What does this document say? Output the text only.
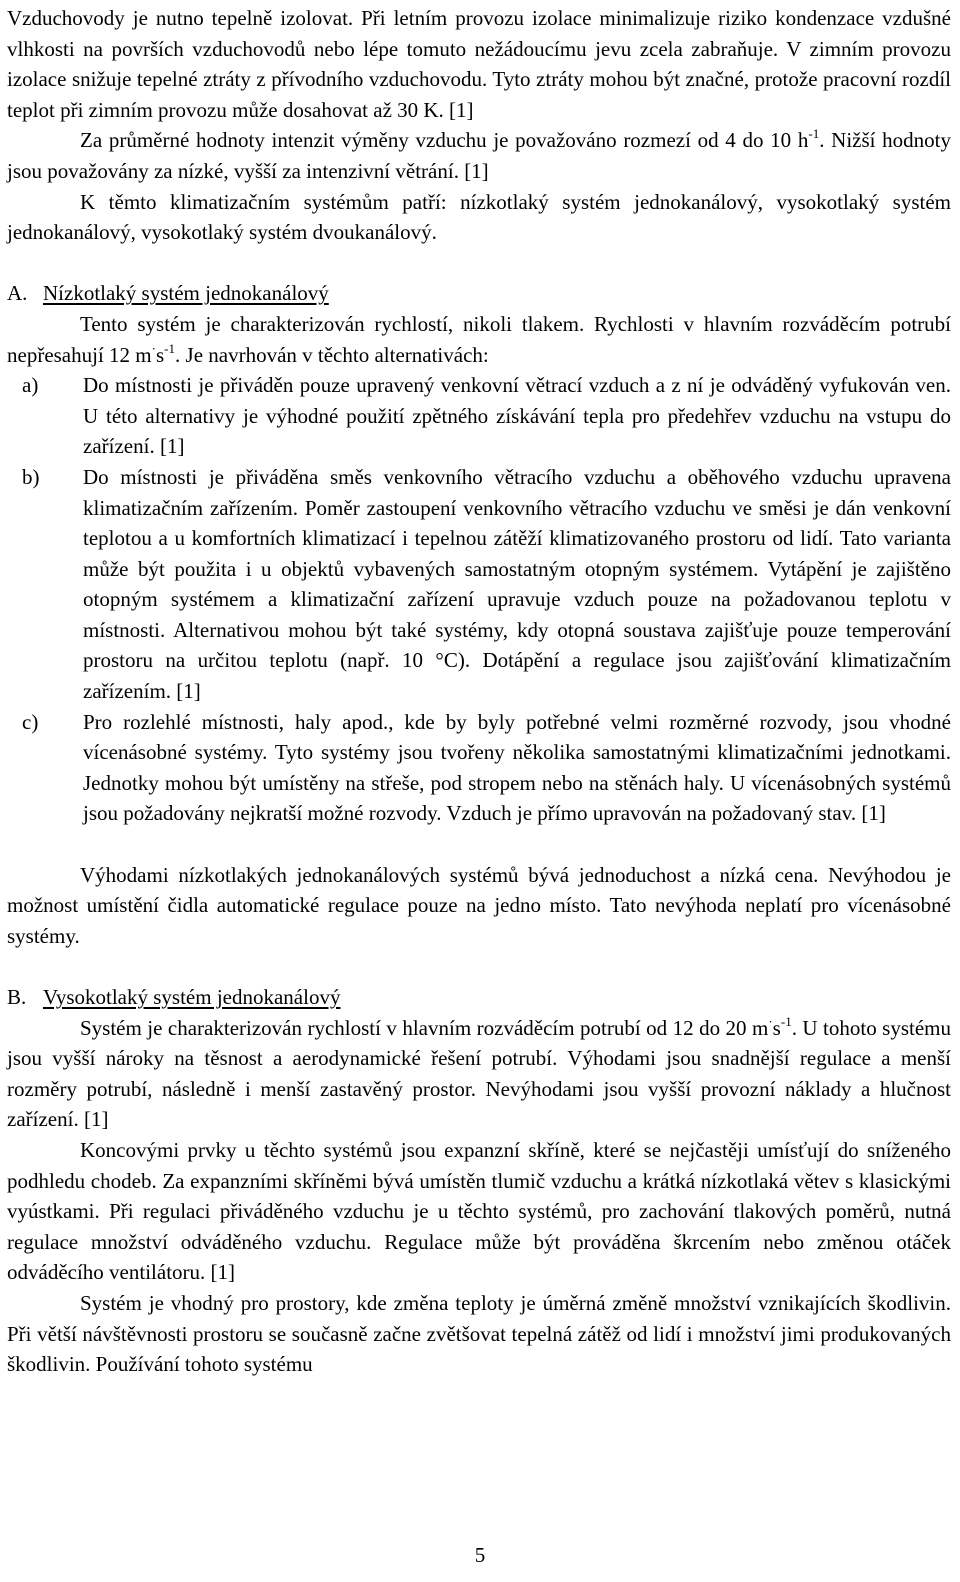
Vzduchovody je nutno tepelně izolovat. Při letním provozu izolace minimalizuje riziko kondenzace vzdušné vlhkosti na površích vzduchovodů nebo lépe tomuto nežádoucímu jevu zcela zabraňuje. V zimním provozu izolace snižuje tepelné ztráty z přívodního vzduchovodu. Tyto ztráty mohou být značné, protože pracovní rozdíl teplot při zimním provozu může dosahovat až 30 K. [1]

Za průměrné hodnoty intenzit výměny vzduchu je považováno rozmezí od 4 do 10 $h^{-1}$. Nižší hodnoty jsou považovány za nízké, vyšší za intenzivní větrání. [1]

K těmto klimatizačním systémům patří: nízkotlaký systém jednokanálový, vysokotlaký systém jednokanálový, vysokotlaký systém dvoukanálový.

A. Nízkotlaký systém jednokanálový

Tento systém je charakterizován rychlostí, nikoli tlakem. Rychlosti v hlavním rozváděcím potrubí nepřesahují 12 $m^\cdot s^{-1}$. Je navrhován v těchto alternativách:

a) Do místnosti je přiváděn pouze upravený venkovní větrací vzduch a z ní je odváděný vyfukován ven. U této alternativy je výhodné použití zpětného získávání tepla pro předehřev vzduchu na vstupu do zařízení. [1]

b) Do místnosti je přiváděna směs venkovního větracího vzduchu a oběhového vzduchu upravena klimatizačním zařízením. Poměr zastoupení venkovního větracího vzduchu ve směsi je dán venkovní teplotou a u komfortních klimatizací i tepelnou zátěží klimatizovaného prostoru od lidí. Tato varianta může být použita i u objektů vybavených samostatným otopným systémem. Vytápění je zajištěno otopným systémem a klimatizační zařízení upravuje vzduch pouze na požadovanou teplotu v místnosti. Alternativou mohou být také systémy, kdy otopná soustava zajišťuje pouze temperování prostoru na určitou teplotu (např. 10 °C). Dotápění a regulace jsou zajišťování klimatizačním zařízením. [1]

c) Pro rozlehlé místnosti, haly apod., kde by byly potřebné velmi rozměrné rozvody, jsou vhodné vícenásobné systémy. Tyto systémy jsou tvořeny několika samostatnými klimatizačními jednotkami. Jednotky mohou být umístěny na střeše, pod stropem nebo na stěnách haly. U vícenásobných systémů jsou požadovány nejkratší možné rozvody. Vzduch je přímo upravován na požadovaný stav. [1]

Výhodami nízkotlakých jednokanálových systémů bývá jednoduchost a nízká cena. Nevýhodou je možnost umístění čidla automatické regulace pouze na jedno místo. Tato nevýhoda neplatí pro vícenásobné systémy.

B. Vysokotlaký systém jednokanálový

Systém je charakterizován rychlostí v hlavním rozváděcím potrubí od 12 do 20 $m^\cdot s^{-1}$. U tohoto systému jsou vyšší nároky na těsnost a aerodynamické řešení potrubí. Výhodami jsou snadnější regulace a menší rozměry potrubí, následně i menší zastavěný prostor. Nevýhodami jsou vyšší provozní náklady a hlučnost zařízení. [1]

Koncovými prvky u těchto systémů jsou expanzní skříně, které se nejčastěji umísťují do sníženého podhledu chodeb. Za expanzními skříněmi bývá umístěn tlumič vzduchu a krátká nízkotlaká větev s klasickými vyústkami. Při regulaci přiváděného vzduchu je u těchto systémů, pro zachování tlakových poměrů, nutná regulace množství odváděného vzduchu. Regulace může být prováděna škrcením nebo změnou otáček odváděcího ventilátoru. [1]

Systém je vhodný pro prostory, kde změna teploty je úměrná změně množství vznikajících škodlivin. Při větší návštěvnosti prostoru se současně začne zvětšovat tepelná zátěž od lidí i množství jimi produkovaných škodlivin. Používání tohoto systému

5
